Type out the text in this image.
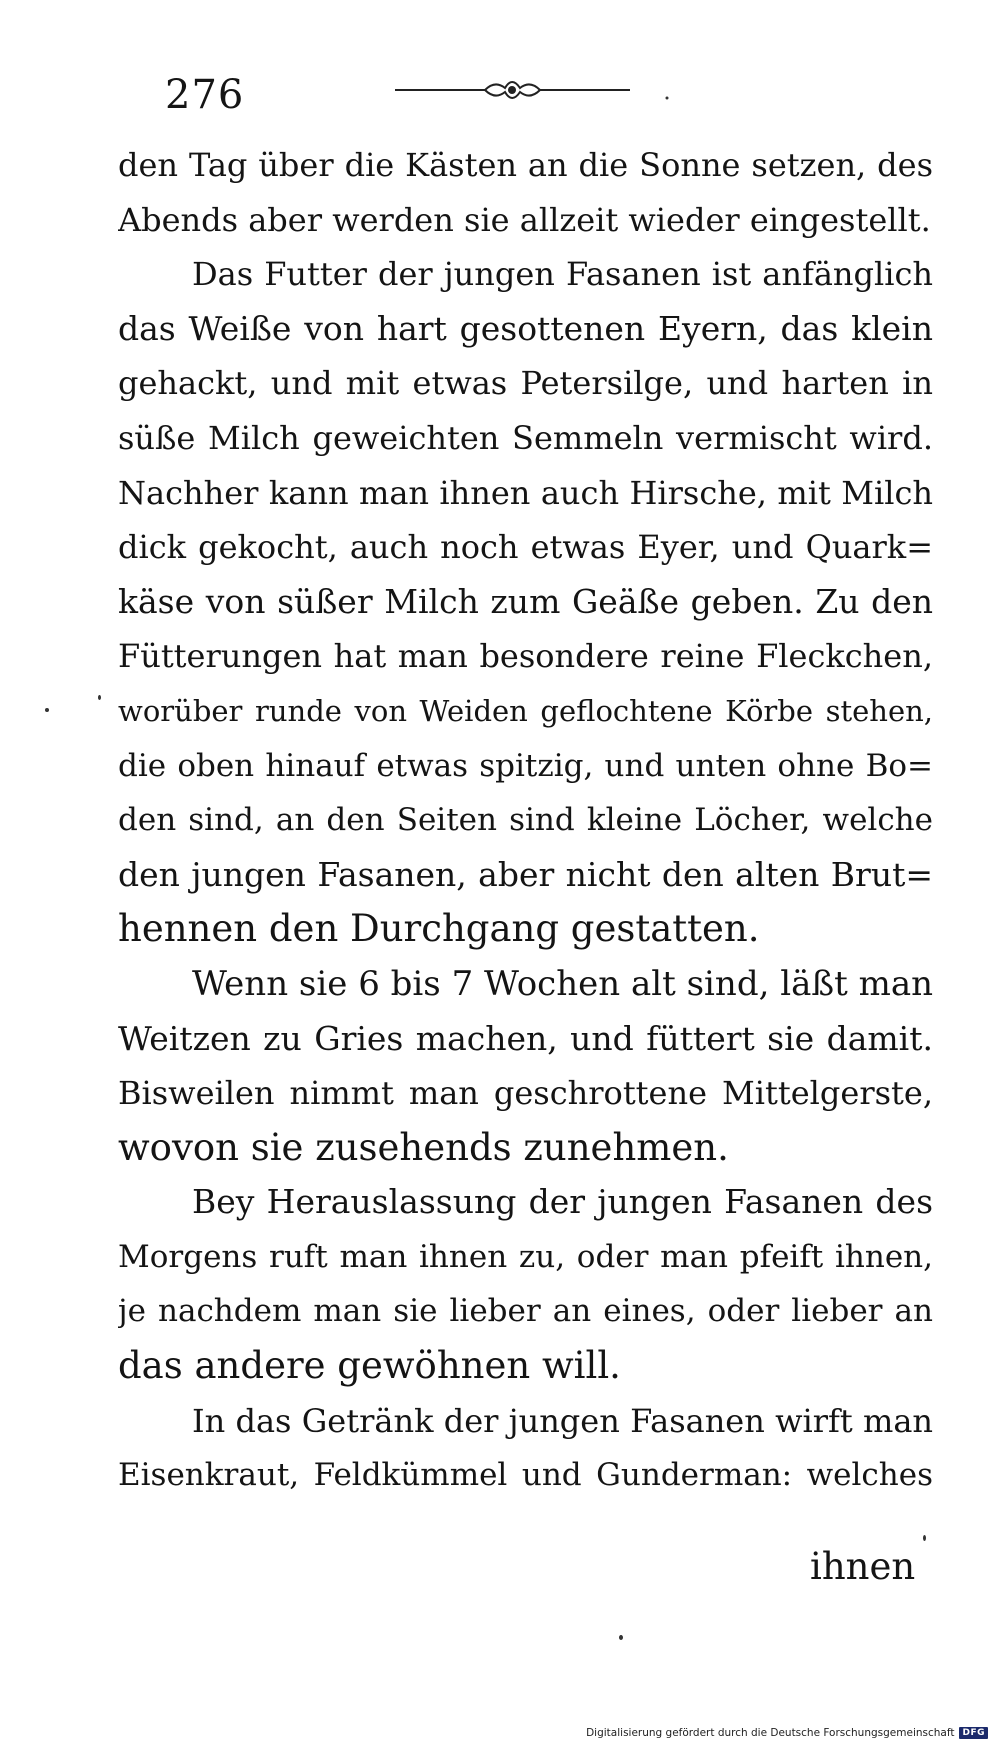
276
den Tag über die Kästen an die Sonne setzen, des
Abends aber werden sie allzeit wieder eingestellt.
Das Futter der jungen Fasanen ist anfänglich
das Weiße von hart gesottenen Eyern, das klein
gehackt, und mit etwas Petersilge, und harten in
süße Milch geweichten Semmeln vermischt wird.
Nachher kann man ihnen auch Hirsche, mit Milch
dick gekocht, auch noch etwas Eyer, und Quark=
käse von süßer Milch zum Geäße geben. Zu den
Fütterungen hat man besondere reine Fleckchen,
worüber runde von Weiden geflochtene Körbe stehen,
die oben hinauf etwas spitzig, und unten ohne Bo=
den sind, an den Seiten sind kleine Löcher, welche
den jungen Fasanen, aber nicht den alten Brut=
hennen den Durchgang gestatten.
Wenn sie 6 bis 7 Wochen alt sind, läßt man
Weitzen zu Gries machen, und füttert sie damit.
Bisweilen nimmt man geschrottene Mittelgerste,
wovon sie zusehends zunehmen.
Bey Herauslassung der jungen Fasanen des
Morgens ruft man ihnen zu, oder man pfeift ihnen,
je nachdem man sie lieber an eines, oder lieber an
das andere gewöhnen will.
In das Getränk der jungen Fasanen wirft man
Eisenkraut, Feldkümmel und Gunderman: welches
ihnen
Digitalisierung gefördert durch die Deutsche Forschungsgemeinschaft DFG
